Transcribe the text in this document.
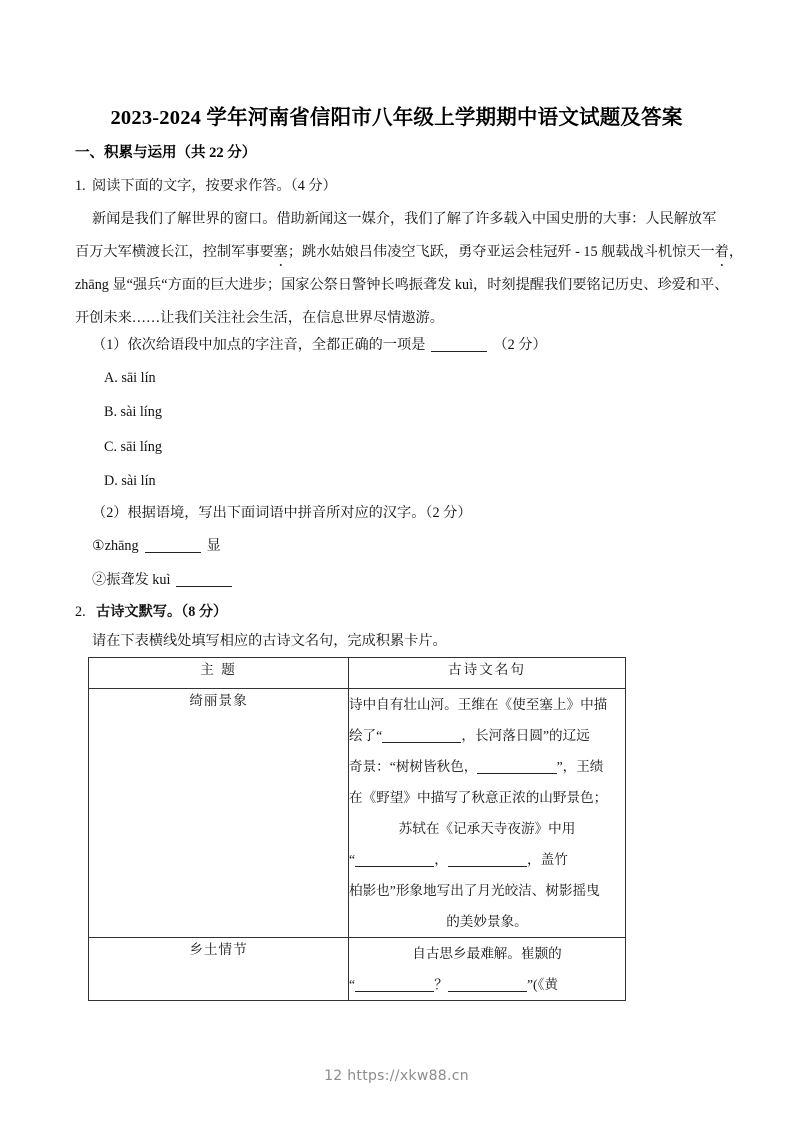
2023-2024 学年河南省信阳市八年级上学期期中语文试题及答案
一、积累与运用（共 22 分）
1. 阅读下面的文字，按要求作答。（4 分）
新闻是我们了解世界的窗口。借助新闻这一媒介，我们了解了许多载入中国史册的大事：人民解放军
百万大军横渡长江，控制军事要塞；跳水姑娘吕伟凌空飞跃，勇夺亚运会桂冠歼 - 15 舰载战斗机惊天一着，
zhāng 显“强兵“方面的巨大进步；国家公祭日警钟长鸣振聋发 kuì，时刻提醒我们要铭记历史、珍爱和平、
开创未来……让我们关注社会生活，在信息世界尽情遨游。
（1）依次给语段中加点的字注音，全都正确的一项是	（2 分）
A. sāi lín
B. sài líng
C. sāi líng
D. sài lín
（2）根据语境，写出下面词语中拼音所对应的汉字。（2 分）
①zhāng	显
②振聋发 kuì
2. 古诗文默写。（8 分）
请在下表横线处填写相应的古诗文名句，完成积累卡片。
主 题	古诗文名句
绮丽景象	诗中自有壮山河。王维在《使至塞上》中描
绘了“	，长河落日圆”的辽远
奇景：“树树皆秋色，	”，王绩
在《野望》中描写了秋意正浓的山野景色；
苏轼在《记承天寺夜游》中用
“	，	，盖竹
柏影也”形象地写出了月光皎洁、树影摇曳
的美妙景象。

乡土情节	自古思乡最难解。崔颢的
“ ？ ”(《黄
12 https://xkw88.cn
